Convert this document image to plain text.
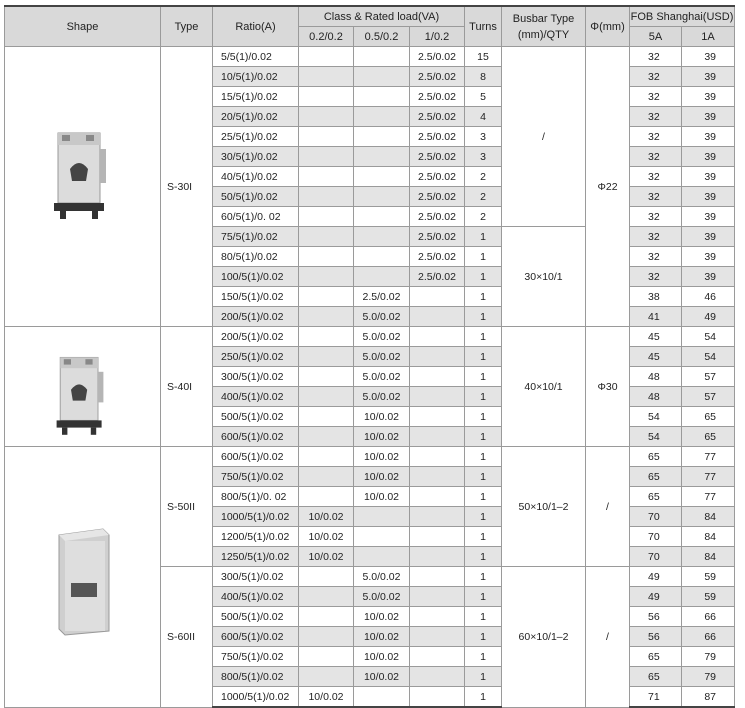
Shape	Type	Ratio(A)	Class & Rated load(VA)			Turns	Busbar Type (mm)/QTY	Φ(mm)	FOB Shanghai(USD)	
			0.2/0.2	0.5/0.2	1/0.2				5A	1A

	S-30I	5/5(1)/0.02			2.5/0.02	15	/	Φ22	32	39
		10/5(1)/0.02			2.5/0.02	8			32	39
		15/5(1)/0.02			2.5/0.02	5			32	39
		20/5(1)/0.02			2.5/0.02	4			32	39
		25/5(1)/0.02			2.5/0.02	3			32	39
		30/5(1)/0.02			2.5/0.02	3			32	39
		40/5(1)/0.02			2.5/0.02	2			32	39
		50/5(1)/0.02			2.5/0.02	2			32	39
		60/5(1)/0. 02			2.5/0.02	2			32	39
		75/5(1)/0.02			2.5/0.02	1	30×10/1		32	39
		80/5(1)/0.02			2.5/0.02	1			32	39
		100/5(1)/0.02			2.5/0.02	1			32	39
		150/5(1)/0.02		2.5/0.02		1			38	46
		200/5(1)/0.02		5.0/0.02		1			41	49

	S-40I	200/5(1)/0.02		5.0/0.02		1	40×10/1	Φ30	45	54
		250/5(1)/0.02		5.0/0.02		1			45	54
		300/5(1)/0.02		5.0/0.02		1			48	57
		400/5(1)/0.02		5.0/0.02		1			48	57
		500/5(1)/0.02		10/0.02		1			54	65
		600/5(1)/0.02		10/0.02		1			54	65

	S-50II	600/5(1)/0.02		10/0.02		1	50×10/1–2	/	65	77
		750/5(1)/0.02		10/0.02		1			65	77
		800/5(1)/0. 02		10/0.02		1			65	77
		1000/5(1)/0.02	10/0.02			1			70	84
		1200/5(1)/0.02	10/0.02			1			70	84
		1250/5(1)/0.02	10/0.02			1			70	84
	S-60II	300/5(1)/0.02		5.0/0.02		1	60×10/1–2	/	49	59
		400/5(1)/0.02		5.0/0.02		1			49	59
		500/5(1)/0.02		10/0.02		1			56	66
		600/5(1)/0.02		10/0.02		1			56	66
		750/5(1)/0.02		10/0.02		1			65	79
		800/5(1)/0.02		10/0.02		1			65	79
		1000/5(1)/0.02	10/0.02			1			71	87
